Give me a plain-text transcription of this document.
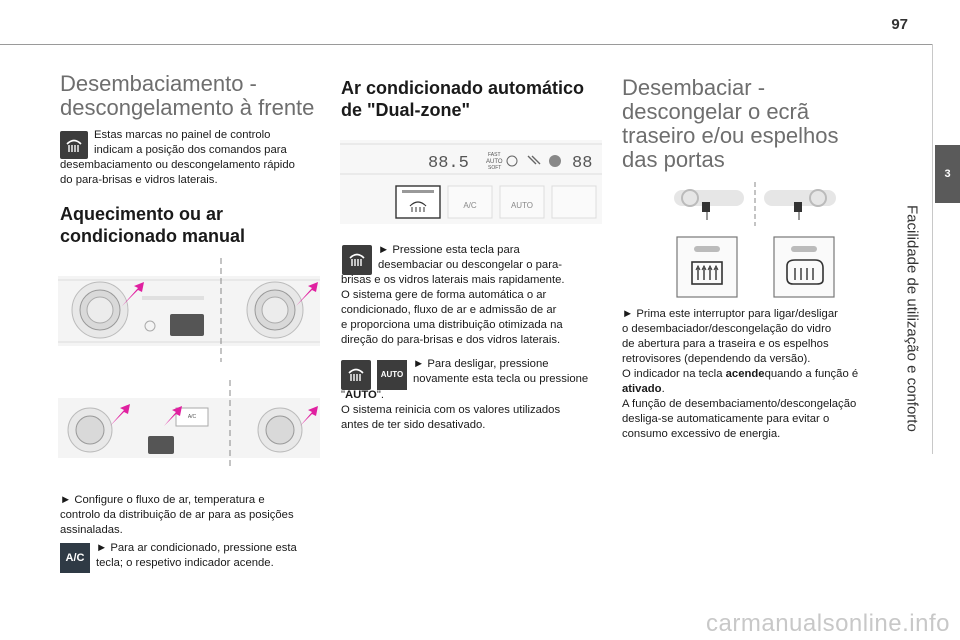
97
3
Facilidade de utilização e conforto
Desembaciamento -
descongelamento à frente
Estas marcas no painel de controlo
indicam a posição dos comandos para
desembaciamento ou descongelamento rápido
do para-brisas e vidros laterais.
Aquecimento ou ar
condicionado manual
A/C
► Configure o fluxo de ar, temperatura e
controlo da distribuição de ar para as posições
assinaladas.
A/C
► Para ar condicionado, pressione esta
tecla; o respetivo indicador acende.
Ar condicionado automático
de "Dual-zone"
88.5	FAST
AUTO
SOFT	88
A/C	AUTO
► Pressione esta tecla para
desembaciar ou descongelar o para-
brisas e os vidros laterais mais rapidamente.
O sistema gere de forma automática o ar
condicionado, fluxo de ar e admissão de ar
e proporciona uma distribuição otimizada na
direção do para-brisas e dos vidros laterais.
AUTO
► Para desligar, pressione
novamente esta tecla ou pressione
"AUTO".
O sistema reinicia com os valores utilizados
antes de ter sido desativado.
Desembaciar -
descongelar o ecrã
traseiro e/ou espelhos
das portas
► Prima este interruptor para ligar/desligar
o desembaciador/descongelação do vidro
de abertura para a traseira e os espelhos
retrovisores (dependendo da versão).
O indicador na tecla acendequando a função é
ativado.
A função de desembaciamento/descongelação
desliga-se automaticamente para evitar o
consumo excessivo de energia.
carmanualsonline.info
